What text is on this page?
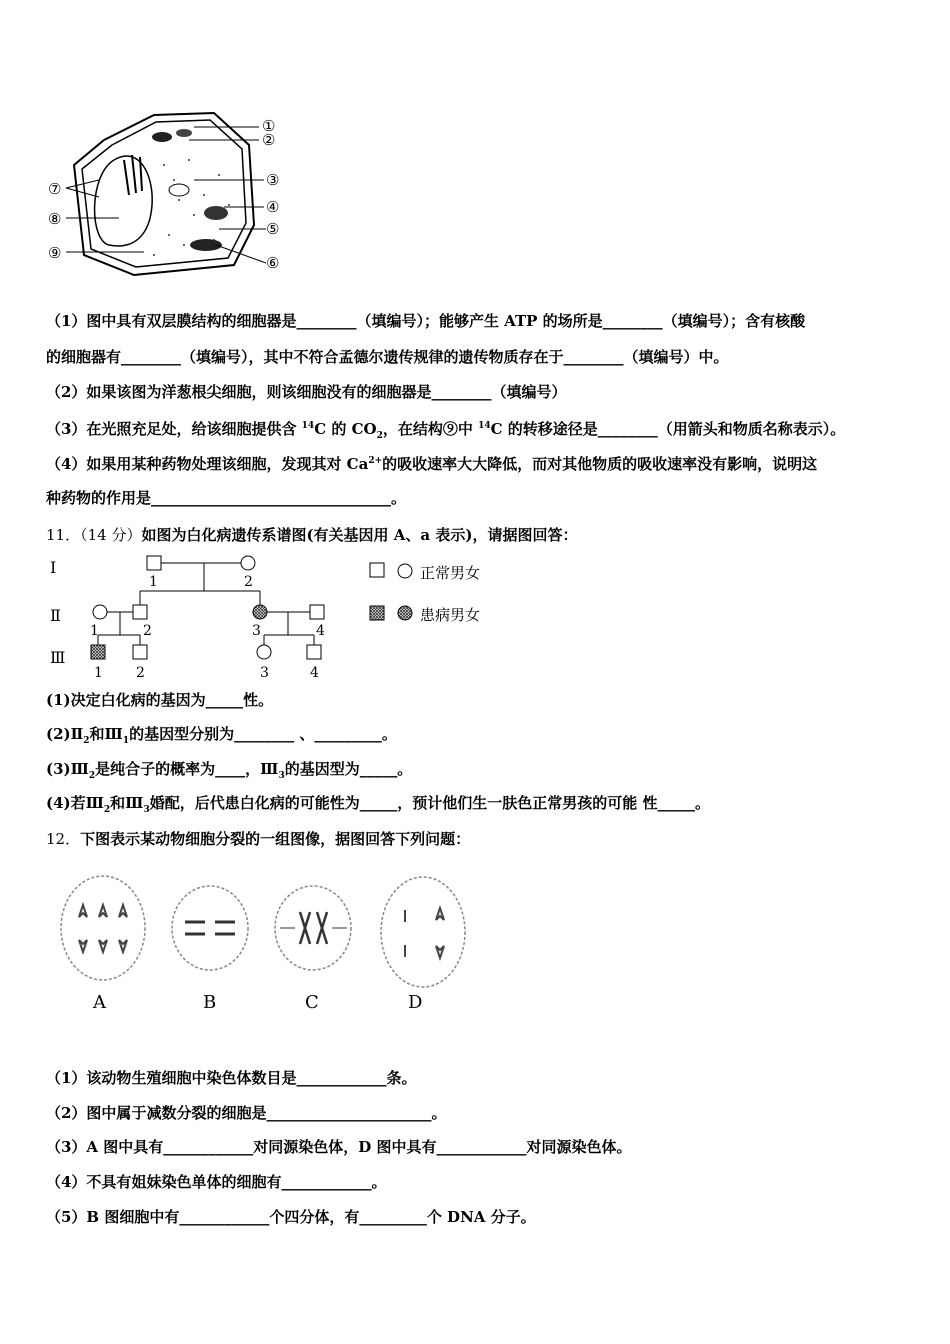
①
②
③
④
⑤
⑥
⑦
⑧
⑨
（1）图中具有双层膜结构的细胞器是________（填编号）；能够产生 ATP 的场所是________（填编号）；含有核酸
的细胞器有________（填编号），其中不符合孟德尔遗传规律的遗传物质存在于________（填编号）中。
（2）如果该图为洋葱根尖细胞，则该细胞没有的细胞器是________（填编号）
（3）在光照充足处，给该细胞提供含 $^{14}$C 的 $CO_2$，在结构⑨中 $^{14}$C 的转移途径是________（用箭头和物质名称表示）。
（4）如果用某种药物处理该细胞，发现其对 $Ca^{2+}$的吸收速率大大降低，而对其他物质的吸收速率没有影响，说明这
种药物的作用是________________________________。
11．（14 分）如图为白化病遗传系谱图(有关基因用 A、a 表示)，请据图回答：
Ⅰ
Ⅱ
Ⅲ
1	2
1	2	3	4
1 2	3	4
正常男女
患病男女
(1)决定白化病的基因为_____性。
$(2)Ⅱ_2$和$Ⅲ_1$的基因型分别为________ 、_________。
$(3)Ⅲ_2$是纯合子的概率为____，$Ⅲ_3$的基因型为_____。
(4)若$Ⅲ_2$和$Ⅲ_3$婚配，后代患白化病的可能性为_____，预计他们生一肤色正常男孩的可能 性_____。
12．下图表示某动物细胞分裂的一组图像，据图回答下列问题：
A	B	C	D
（1）该动物生殖细胞中染色体数目是____________条。
（2）图中属于减数分裂的细胞是______________________。
（3）A 图中具有____________对同源染色体，D 图中具有____________对同源染色体。
（4）不具有姐妹染色单体的细胞有____________。
（5）B 图细胞中有____________个四分体，有_________个 DNA 分子。
